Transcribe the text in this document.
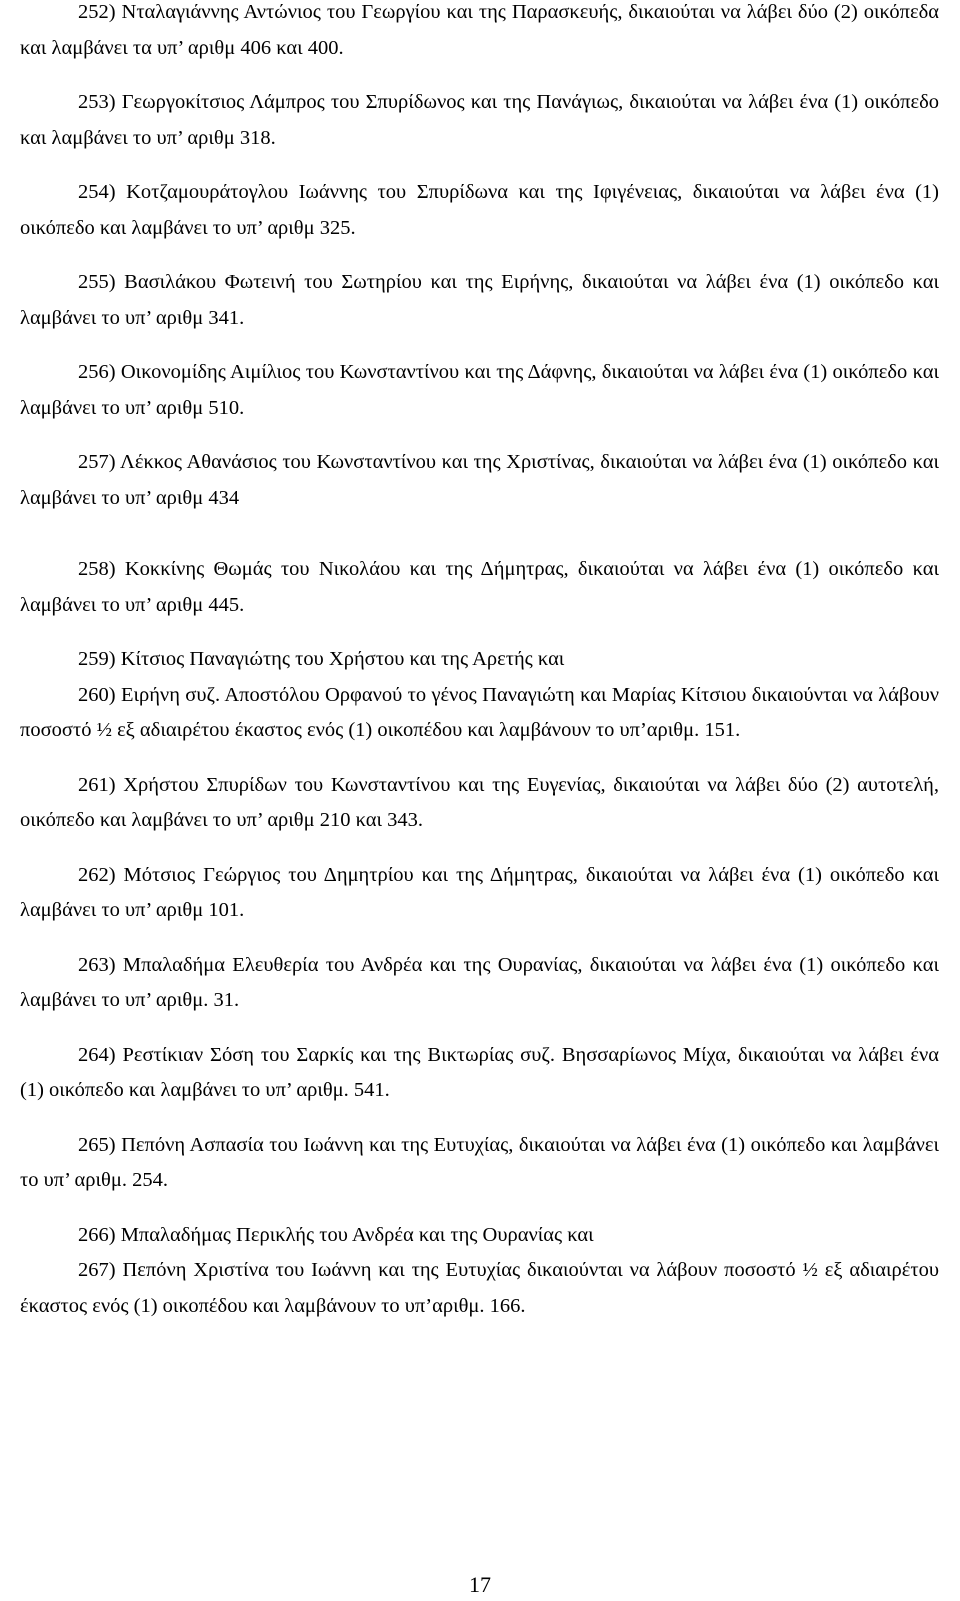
252) Νταλαγιάννης Αντώνιος του Γεωργίου και της Παρασκευής, δικαιούται να λάβει δύο (2) οικόπεδα και λαμβάνει τα υπ’ αριθμ 406 και 400.

253) Γεωργοκίτσιος Λάμπρος του Σπυρίδωνος και της Πανάγιως, δικαιούται να λάβει ένα (1) οικόπεδο και λαμβάνει το υπ’ αριθμ 318.

254) Κοτζαμουράτογλου Ιωάννης του Σπυρίδωνα και της Ιφιγένειας, δικαιούται να λάβει ένα (1) οικόπεδο και λαμβάνει το υπ’ αριθμ 325.

255) Βασιλάκου Φωτεινή του Σωτηρίου και της Ειρήνης, δικαιούται να λάβει ένα (1) οικόπεδο και λαμβάνει το υπ’ αριθμ 341.

256) Οικονομίδης Αιμίλιος του Κωνσταντίνου και της Δάφνης, δικαιούται να λάβει ένα (1) οικόπεδο και λαμβάνει το υπ’ αριθμ 510.

257) Λέκκος Αθανάσιος του Κωνσταντίνου και της Χριστίνας, δικαιούται να λάβει ένα (1) οικόπεδο και λαμβάνει το υπ’ αριθμ 434

258) Κοκκίνης Θωμάς του Νικολάου και της Δήμητρας, δικαιούται να λάβει ένα (1) οικόπεδο και λαμβάνει το υπ’ αριθμ 445.

259) Κίτσιος Παναγιώτης του Χρήστου και της Αρετής και

260) Ειρήνη συζ. Αποστόλου Ορφανού το γένος Παναγιώτη και Μαρίας Κίτσιου δικαιούνται να λάβουν ποσοστό ½ εξ αδιαιρέτου έκαστος ενός (1) οικοπέδου και λαμβάνουν το υπ’αριθμ. 151.

261) Χρήστου Σπυρίδων του Κωνσταντίνου και της Ευγενίας, δικαιούται να λάβει δύο (2) αυτοτελή, οικόπεδο και λαμβάνει το υπ’ αριθμ 210 και 343.

262) Μότσιος Γεώργιος του Δημητρίου και της Δήμητρας, δικαιούται να λάβει ένα (1) οικόπεδο και λαμβάνει το υπ’ αριθμ 101.

263) Μπαλαδήμα Ελευθερία του Ανδρέα και της Ουρανίας, δικαιούται να λάβει ένα (1) οικόπεδο και λαμβάνει το υπ’ αριθμ. 31.

264) Ρεστίκιαν Σόση του Σαρκίς και της Βικτωρίας συζ. Βησσαρίωνος Μίχα, δικαιούται να λάβει ένα (1) οικόπεδο και λαμβάνει το υπ’ αριθμ. 541.

265) Πεπόνη Ασπασία του Ιωάννη και της Ευτυχίας, δικαιούται να λάβει ένα (1) οικόπεδο και λαμβάνει το υπ’ αριθμ. 254.

266) Μπαλαδήμας Περικλής του Ανδρέα και της Ουρανίας και

267) Πεπόνη Χριστίνα του Ιωάννη και της Ευτυχίας δικαιούνται να λάβουν ποσοστό ½ εξ αδιαιρέτου έκαστος ενός (1) οικοπέδου και λαμβάνουν το υπ’αριθμ. 166.

17
